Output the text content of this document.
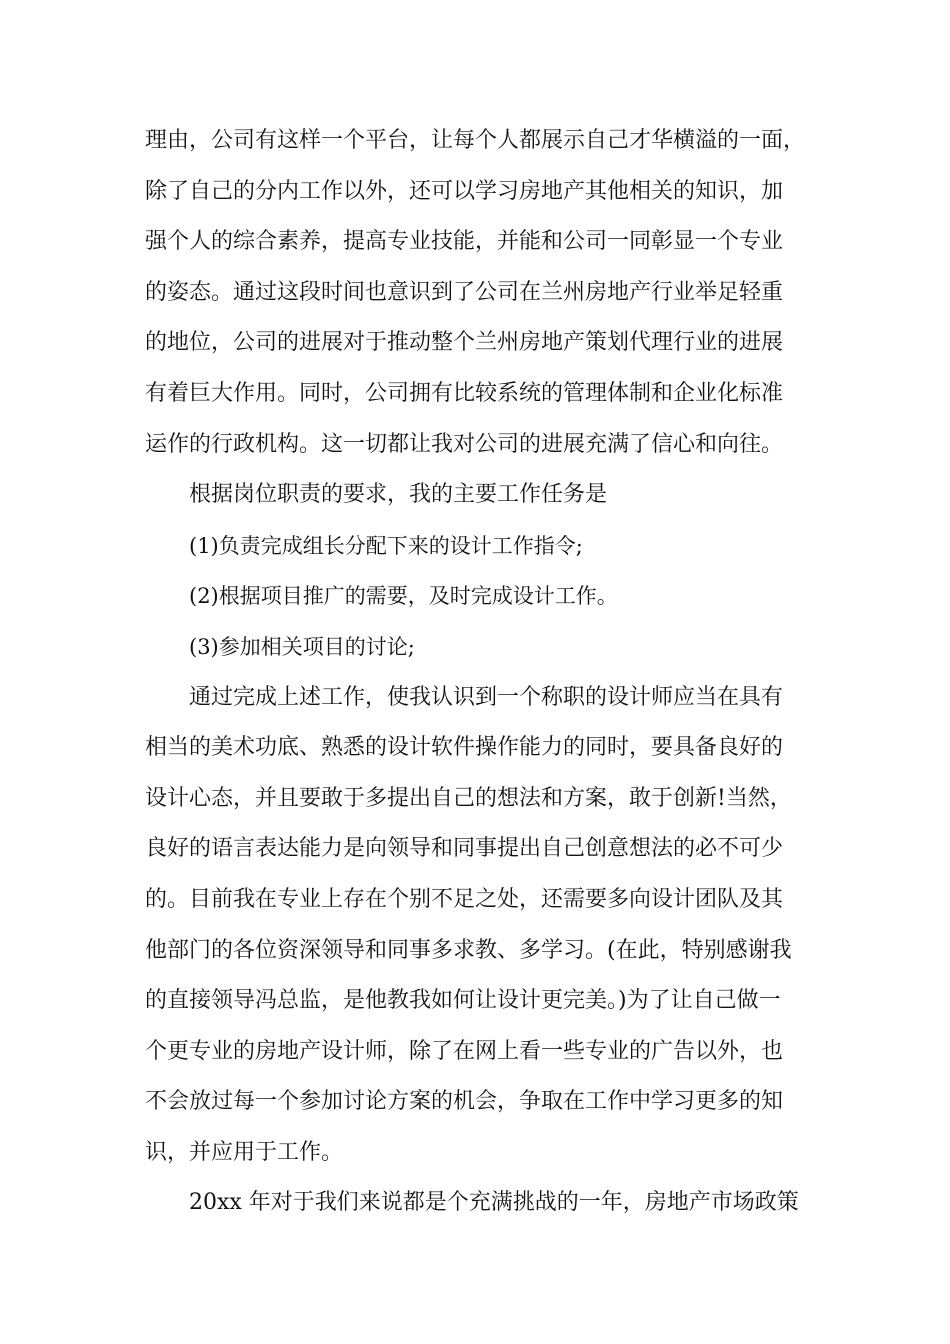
理由，公司有这样一个平台，让每个人都展示自己才华横溢的一面，
除了自己的分内工作以外，还可以学习房地产其他相关的知识，加
强个人的综合素养，提高专业技能，并能和公司一同彰显一个专业
的姿态。通过这段时间也意识到了公司在兰州房地产行业举足轻重
的地位，公司的进展对于推动整个兰州房地产策划代理行业的进展
有着巨大作用。同时，公司拥有比较系统的管理体制和企业化标准
运作的行政机构。这一切都让我对公司的进展充满了信心和向往。
根据岗位职责的要求，我的主要工作任务是
(1)负责完成组长分配下来的设计工作指令;
(2)根据项目推广的需要，及时完成设计工作。
(3)参加相关项目的讨论;
通过完成上述工作，使我认识到一个称职的设计师应当在具有
相当的美术功底、熟悉的设计软件操作能力的同时，要具备良好的
设计心态，并且要敢于多提出自己的想法和方案，敢于创新!当然，
良好的语言表达能力是向领导和同事提出自己创意想法的必不可少
的。目前我在专业上存在个别不足之处，还需要多向设计团队及其
他部门的各位资深领导和同事多求教、多学习。(在此，特别感谢我
的直接领导冯总监，是他教我如何让设计更完美。)为了让自己做一
个更专业的房地产设计师，除了在网上看一些专业的广告以外，也
不会放过每一个参加讨论方案的机会，争取在工作中学习更多的知
识，并应用于工作。
20xx 年对于我们来说都是个充满挑战的一年，房地产市场政策
